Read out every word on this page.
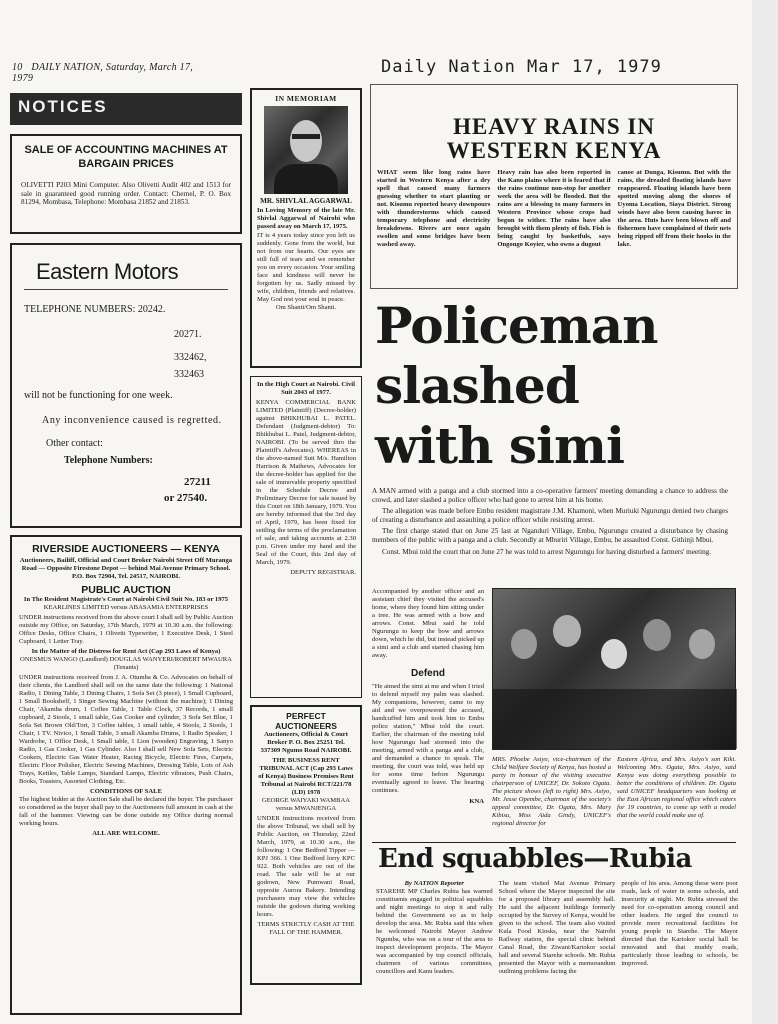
10 DAILY NATION, Saturday, March 17, 1979
Daily Nation Mar 17, 1979
NOTICES
SALE OF ACCOUNTING MACHINES AT BARGAIN PRICES
OLIVETTI P203 Mini Computer. Also Olivetti Audit 402 and 1513 for sale in guaranteed good running order. Contact: Chernel, P. O. Box 81294, Mombasa, Telephone: Mombasa 21852 and 21853.
Eastern Motors
TELEPHONE NUMBERS: 20242.
20271.
332462,
332463
will not be functioning for one week.
Any inconvenience caused is regretted.
Other contact:
Telephone Numbers:
27211
or 27540.
RIVERSIDE AUCTIONEERS — KENYA
Auctioneers, Bailiff, Official and Court Broker Nairobi Street Off Muranga Road — Opposite Firestone Depot — behind Mai Avenue Primary School. P.O. Box 72904, Tel. 24517, NAIROBI.
PUBLIC AUCTION
In The Resident Magistrate's Court at Nairobi Civil Suit No. 183 or 1975
KEARLINES LIMITED versus ABASAMIA ENTERPRISES
UNDER instructions received from the above court I shall sell by Public Auction outside my Office, on Saturday, 17th March, 1979 at 10.30 a.m. the following: Office Desks, Office Chairs, 1 Olivetti Typewriter, 1 Executive Desk, 1 Steel Cupboard, 1 Letter Tray.
In the Matter of the Distress for Rent Act (Cap 293 Laws of Kenya)
ONESMUS WANGO (Landlord) DOUGLAS WANYERI/ROBERT MWAURA (Tenants)
UNDER instructions received from J. A. Otumba & Co. Advocates on behalf of their clients, the Landlord shall sell on the same date the following: 1 National Radio, 1 Dining Table, 3 Dining Chairs, 1 Sofa Set (3 piece), 1 Small Cupboard, 1 Small Bookshelf, 1 Singer Sewing Machine (without the machine); 1 Dining Chair, 'Akamba drum, 1 Coffee Table, 1 Table Clock, 37 Records, 1 small cupboard, 2 Stools, 1 small table, Gas Cooker and cylinder, 3 Sofa Set Blue, 1 Sofa Set Brown Old/Tort, 3 Coffee tables, 1 small table, 4 Stools, 2 Stools, 1 Chair, 1 TV. Nivico, 1 Small Table, 3 small Akamba Drums, 1 Radio Speaker, 1 Wardrobe, 1 Office Desk, 1 Small table, 1 Lion (wooden) Engraving, 1 Sanyo Radio, 1 Gas Cooker, 1 Gas Cylinder. Also I shall sell New Sofa Sets, Electric Cookers, Electric Gas Water Heater, Racing Bicycle, Electric Fires, Carpets, Electric Floor Polisher, Electric Sewing Machines, Dressing Table, Lots of Ash Trays, Kettles, Table Lamps, Standard Lamps, Electric vibrators, Push Chairs, Books, Toasters, Assorted Clothing, Etc.
CONDITIONS OF SALE
The highest bidder at the Auction Sale shall be declared the buyer. The purchaser so considered as the buyer shall pay to the Auctioneers full amount in cash at the fall of the hammer. Viewing can be done outside my Office during normal working hours.
ALL ARE WELCOME.
IN MEMORIAM
MR. SHIVLAL AGGARWAL
In Loving Memory of the late Mr. Shivlal Aggarwal of Nairobi who passed away on March 17, 1975.
IT is 4 years today since you left us suddenly. Gone from the world, but not from our hearts. Our eyes are still full of tears and we remember you on every occasion. Your smiling face and kindness will never be forgotten by us. Sadly missed by wife, children, friends and relatives. May God rest your soul in peace.
Om Shanti/Om Shanti.
In the High Court at Nairobi. Civil Suit 2043 of 1977.
KENYA COMMERCIAL BANK LIMITED (Plaintiff) (Decree-holder) against BHIKHUBAI L. PATEL. Defendant (Judgment-debtor) To: Bhikhubai L. Patel, Judgment-debtor, NAIROBI. (To be served thro the Plaintiff's Advocates). WHEREAS in the above-named Suit M/s. Hamilton Harrison & Mathews, Advocates for the decree-holder has applied for the sale of immovable property specified in the Schedule Decree and Preliminary Decree for sale issued by this Court on 18th January, 1979. You are hereby informed that the 3rd day of April, 1979, has been fixed for settling the terms of the proclamation of sale, and taking accounts at 2.30 p.m. Given under my hand and the Seal of the Court, this 2nd day of March, 1979.
DEPUTY REGISTRAR.
PERFECT AUCTIONEERS
Auctioneers, Official & Court Broker P. O. Box 25251 Tel. 337309 Ngumo Road NAIROBI.
THE BUSINESS RENT TRIBUNAL ACT (Cap 293 Laws of Kenya) Business Premises Rent Tribunal at Nairobi RCT/221/78 (LD) 1978
GEORGE WAIYAKI WAMBAA versus MWANJENGA
UNDER instructions received from the above Tribunal, we shall sell by Public Auction, on Thursday, 22nd March, 1979, at 10.30 a.m., the following: 1 One Bedford Tipper — KPJ 366. 1 One Bedford lorry KPC 922. Both vehicles are out of the road. The sale will be at our godown, New Pumwani Road, opposite Aurora Bakery. Intending purchasers may view the vehicles outside the godown during working hours.
TERMS STRICTLY CASH AT THE FALL OF THE HAMMER.
HEAVY RAINS IN WESTERN KENYA
WHAT seem like long rains have started in Western Kenya after a dry spell that caused many farmers guessing whether to start planting or not. Kisumu reported heavy downpours with thunderstorms which caused temporary telephone and electricity breakdowns. Rivers are once again swollen and some bridges have been washed away.
Heavy rain has also been reported in the Kano plains where it is feared that if the rains continue non-stop for another week the area will be flooded. But the rains are a blessing to many farmers in Western Province whose crops had begun to wither. The rains have also brought with them plenty of fish. Fish is being caught by basketfuls, says Ongongo Koyier, who owns a dugout
canoe at Dunga, Kisumu. But with the rains, the dreaded floating islands have reappeared. Floating islands have been spotted moving along the shores of Uyoma Location, Siaya District. Strong winds have also been causing havoc in the area. Huts have been blown off and fishermen have complained of their nets being ripped off from their hooks in the lake.
Policeman slashed with simi

A MAN armed with a panga and a club stormed into a co-operative farmers' meeting demanding a chance to address the crowd, and later slashed a police officer who had gone to arrest him at his home.

The allegation was made before Embu resident magistrate J.M. Khamoni, when Muriuki Ngurungu denied two charges of creating a disturbance and assaulting a police officer while resisting arrest.

The first charge stated that on June 25 last at Nganduri Village, Embu, Ngurungu created a disturbance by chasing members of the public with a panga and a club. Secondly at Mburiri Village, Embu, he assaulted Const. Githinji Mbui.

Const. Mbui told the court that on June 27 he was told to arrest Ngurungu for having disturbed a farmers' meeting.

Accompanied by another officer and an assistant chief they visited the accused's home, where they found him sitting under a tree. He was armed with a bow and arrows. Const. Mbui said he told Ngurungu to keep the bow and arrows down, which he did, but instead picked up a simi and a club and started chasing him away.

Defend

"He aimed the simi at me and when I tried to defend myself my palm was slashed. My companions, however, came to my aid and we overpowered the accused, handcuffed him and took him to Embu police station," Mbui told the court. Earlier, the chairman of the meeting told how Ngurungu had stormed into the meeting, armed with a panga and a club, and demanded a chance to speak. The meeting, the court was told, was held up for some time before Ngurungu eventually agreed to leave. The hearing continues.

KNA
MRS. Phoebe Asiyo, vice-chairman of the Child Welfare Society of Kenya, has hosted a party in honour of the visiting executive chairperson of UNICEF, Dr. Sokoto Ogata. The picture shows (left to right) Mrs. Asiyo, Mr. Jesse Opembe, chairman of the society's appeal committee, Dr. Ogata, Mrs. Mary Kibisu, Miss Aida Gindy, UNICEF's regional director for
Eastern Africa, and Mrs. Asiyo's son Kiki. Welcoming Mrs. Ogata, Mrs. Asiyo, said Kenya was doing everything possible to better the conditions of children. Dr. Ogata said UNICEF headquarters was looking at the East African regional office which caters for 19 countries, to come up with a model that the world could make use of.
End squabbles—Rubia
By NATION Reporter
STAREHE MP Charles Rubia has warned constituents engaged in political squabbles and night meetings to stop it and rally behind the Government so as to help develop the area. Mr. Rubia said this when he welcomed Nairobi Mayor Andrew Ngumba, who was on a tour of the area to inspect development projects. The Mayor was accompanied by top council officials, chairmen of various committees, councillors and Kanu leaders.
The team visited Mai Avenue Primary School where the Mayor inspected the site for a proposed library and assembly hall. He said the adjacent buildings formerly occupied by the Survey of Kenya, would be given to the school. The team also visited Kula Food Kiosks, near the Nairobi Railway station, the special clinic behind Canal Road, the Ziwani/Kariokor social hall and several Starehe schools. Mr. Rubia presented the Mayor with a memorandum outlining problems facing the
people of his area. Among these were poor roads, lack of water in some schools, and insecurity at night. Mr. Rubia stressed the need for co-operation among council and other leaders. He urged the council to provide more recreational facilities for young people in Starehe. The Mayor directed that the Kariokor social hall be renovated and that muddy roads, particularly those leading to schools, be improved.
